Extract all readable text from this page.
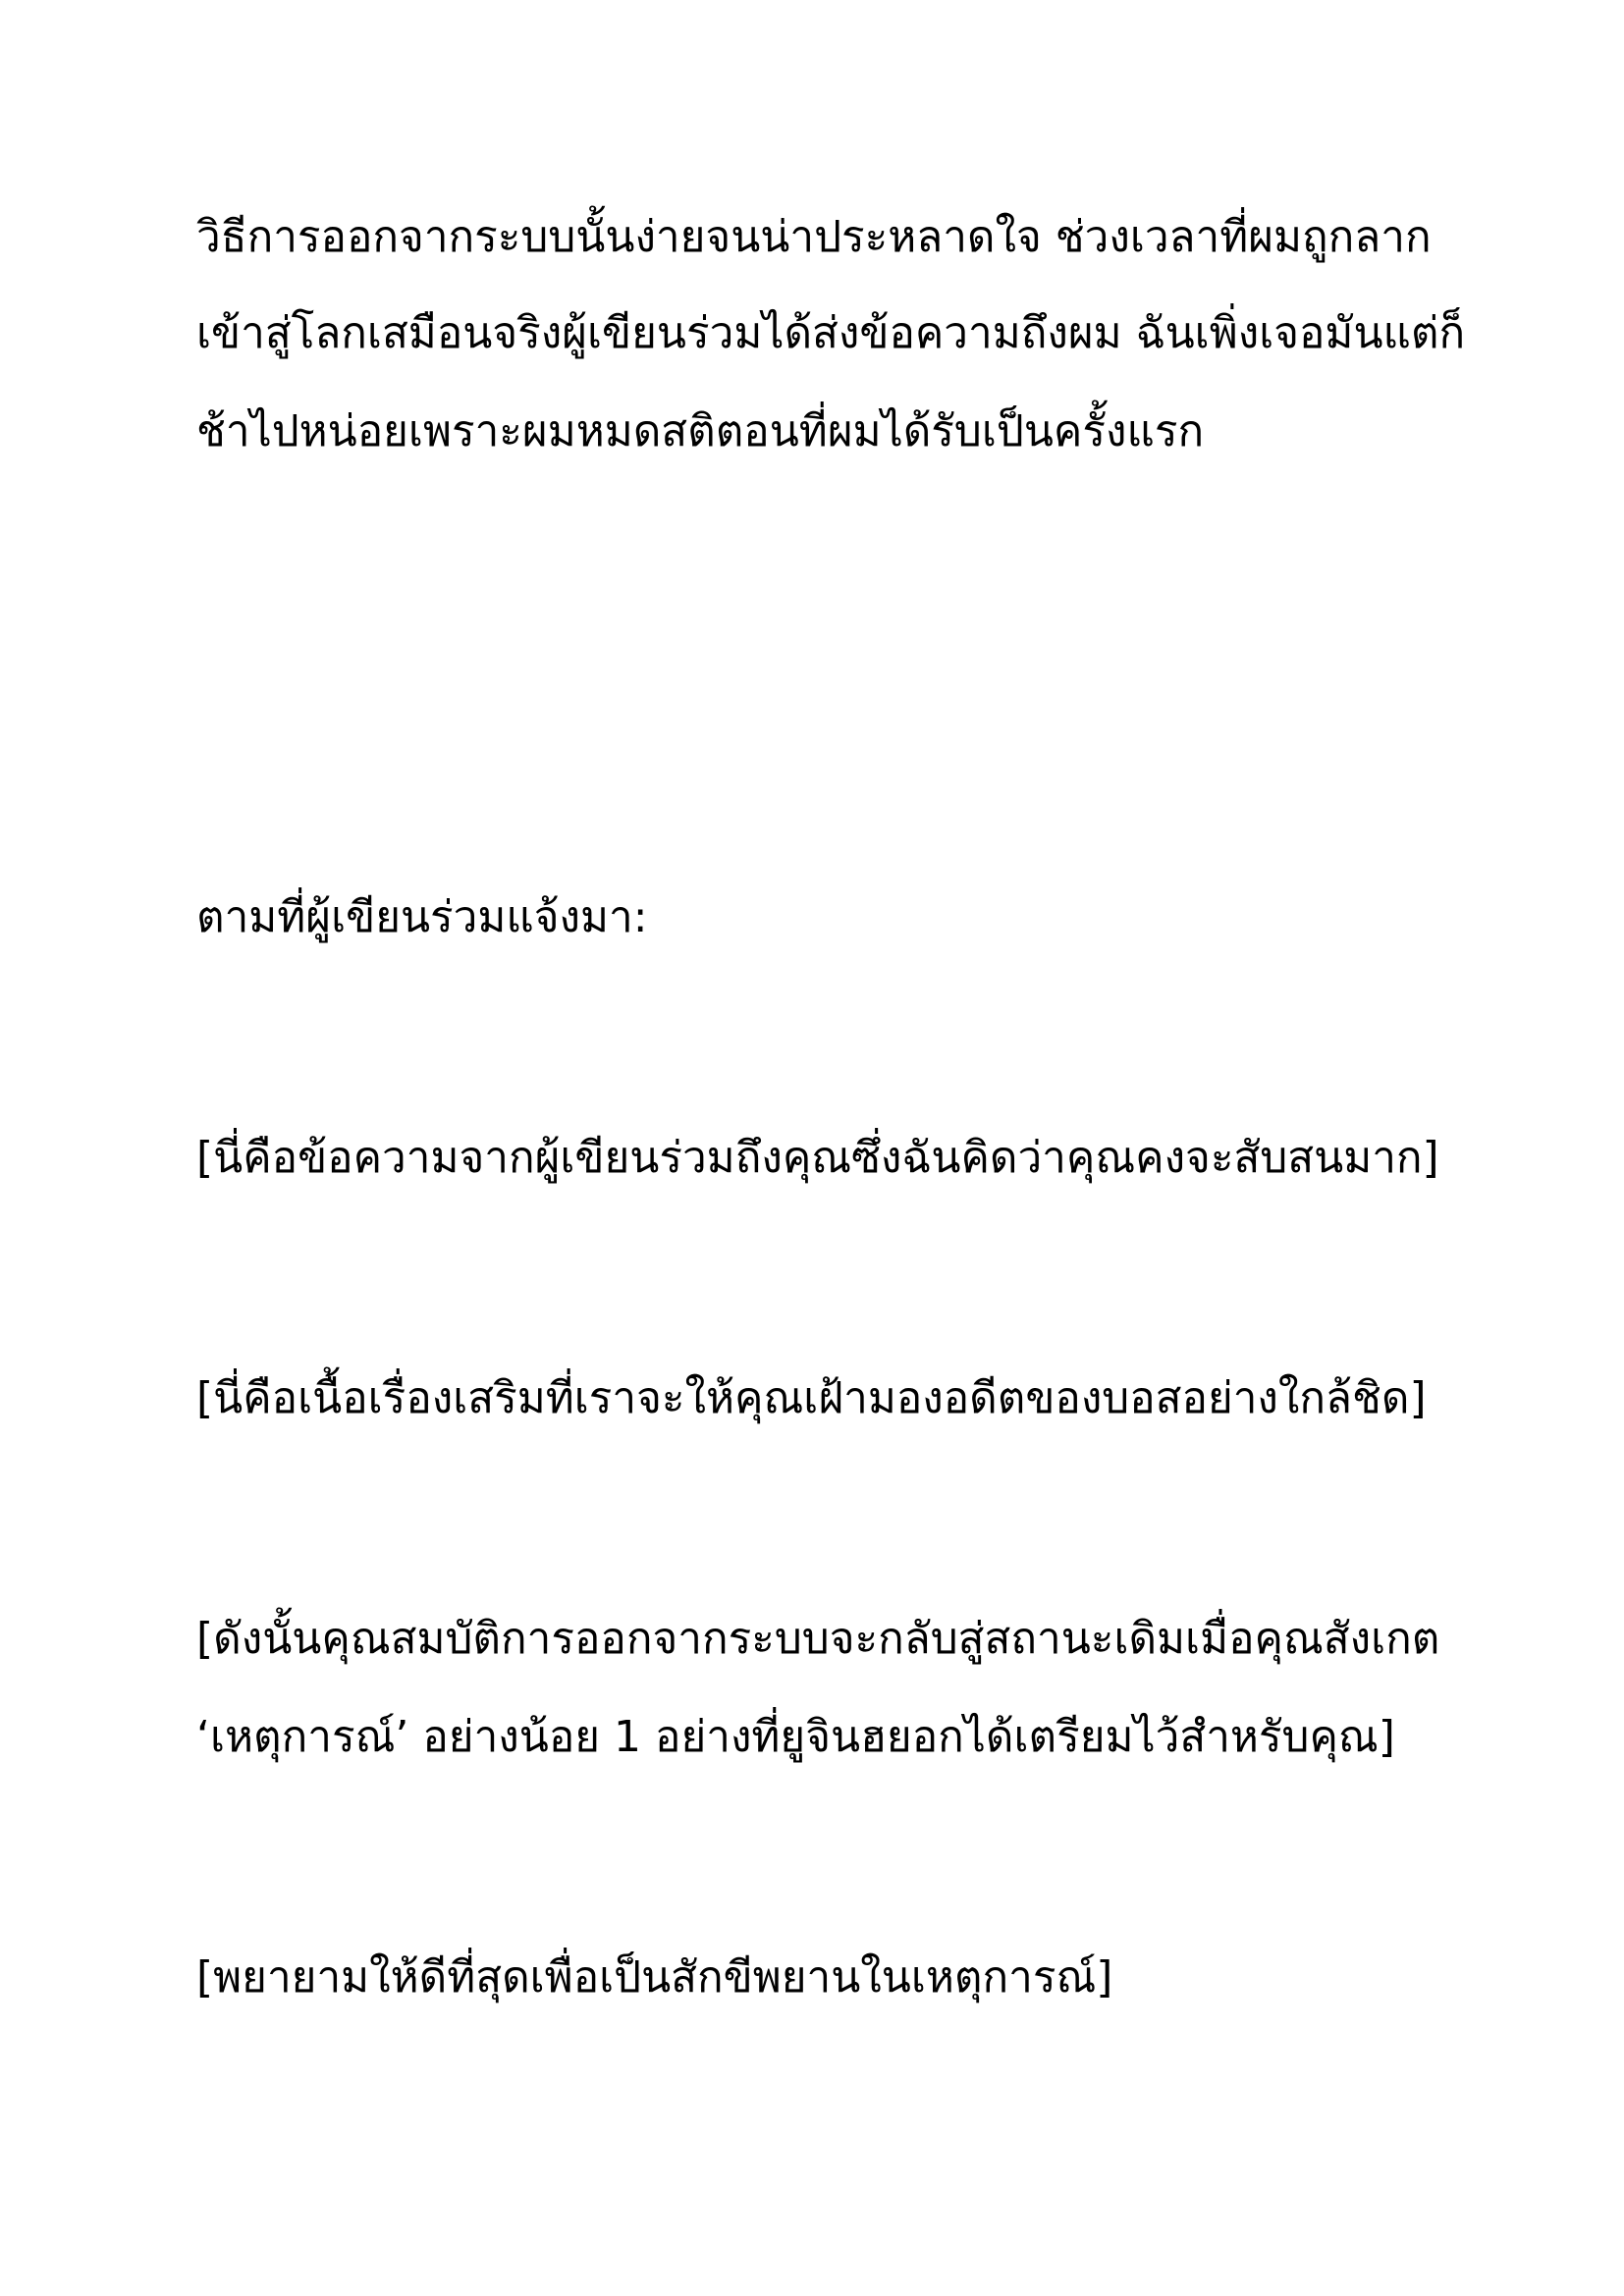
วิธีการออกจากระบบนั้นง่ายจนน่าประหลาดใจ ช่วงเวลาที่ผมถูกลาก

เข้าสู่โลกเสมือนจริงผู้เขียนร่วมได้ส่งข้อความถึงผม ฉันเพิ่งเจอมันแต่ก็

ช้าไปหน่อยเพราะผมหมดสติตอนที่ผมได้รับเป็นครั้งแรก

ตามที่ผู้เขียนร่วมแจ้งมา:

[นี่คือข้อความจากผู้เขียนร่วมถึงคุณซึ่งฉันคิดว่าคุณคงจะสับสนมาก]

[นี่คือเนื้อเรื่องเสริมที่เราจะให้คุณเฝ้ามองอดีตของบอสอย่างใกล้ชิด]

[ดังนั้นคุณสมบัติการออกจากระบบจะกลับสู่สถานะเดิมเมื่อคุณสังเกต

‘เหตุการณ์’ อย่างน้อย 1 อย่างที่ยูจินฮยอกได้เตรียมไว้สำหรับคุณ]

[พยายามให้ดีที่สุดเพื่อเป็นสักขีพยานในเหตุการณ์]
